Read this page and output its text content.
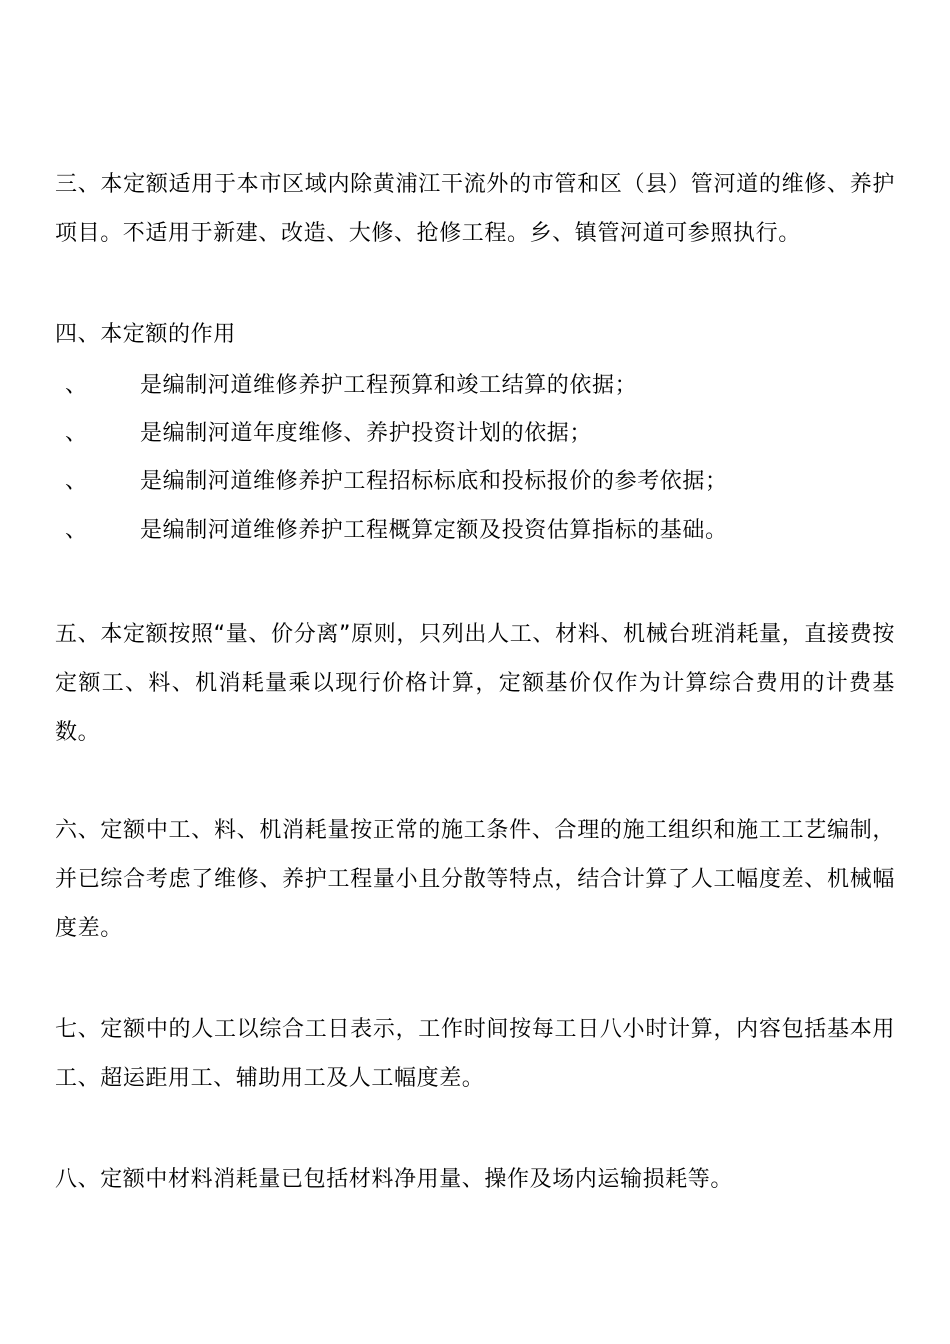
三、本定额适用于本市区域内除黄浦江干流外的市管和区（县）管河道的维修、养护项目。不适用于新建、改造、大修、抢修工程。乡、镇管河道可参照执行。

四、本定额的作用

、 是编制河道维修养护工程预算和竣工结算的依据；
、 是编制河道年度维修、养护投资计划的依据；
、 是编制河道维修养护工程招标标底和投标报价的参考依据；
、 是编制河道维修养护工程概算定额及投资估算指标的基础。

五、本定额按照“量、价分离”原则，只列出人工、材料、机械台班消耗量，直接费按定额工、料、机消耗量乘以现行价格计算，定额基价仅作为计算综合费用的计费基数。

六、定额中工、料、机消耗量按正常的施工条件、合理的施工组织和施工工艺编制，并已综合考虑了维修、养护工程量小且分散等特点，结合计算了人工幅度差、机械幅度差。

七、定额中的人工以综合工日表示，工作时间按每工日八小时计算，内容包括基本用工、超运距用工、辅助用工及人工幅度差。

八、定额中材料消耗量已包括材料净用量、操作及场内运输损耗等。
